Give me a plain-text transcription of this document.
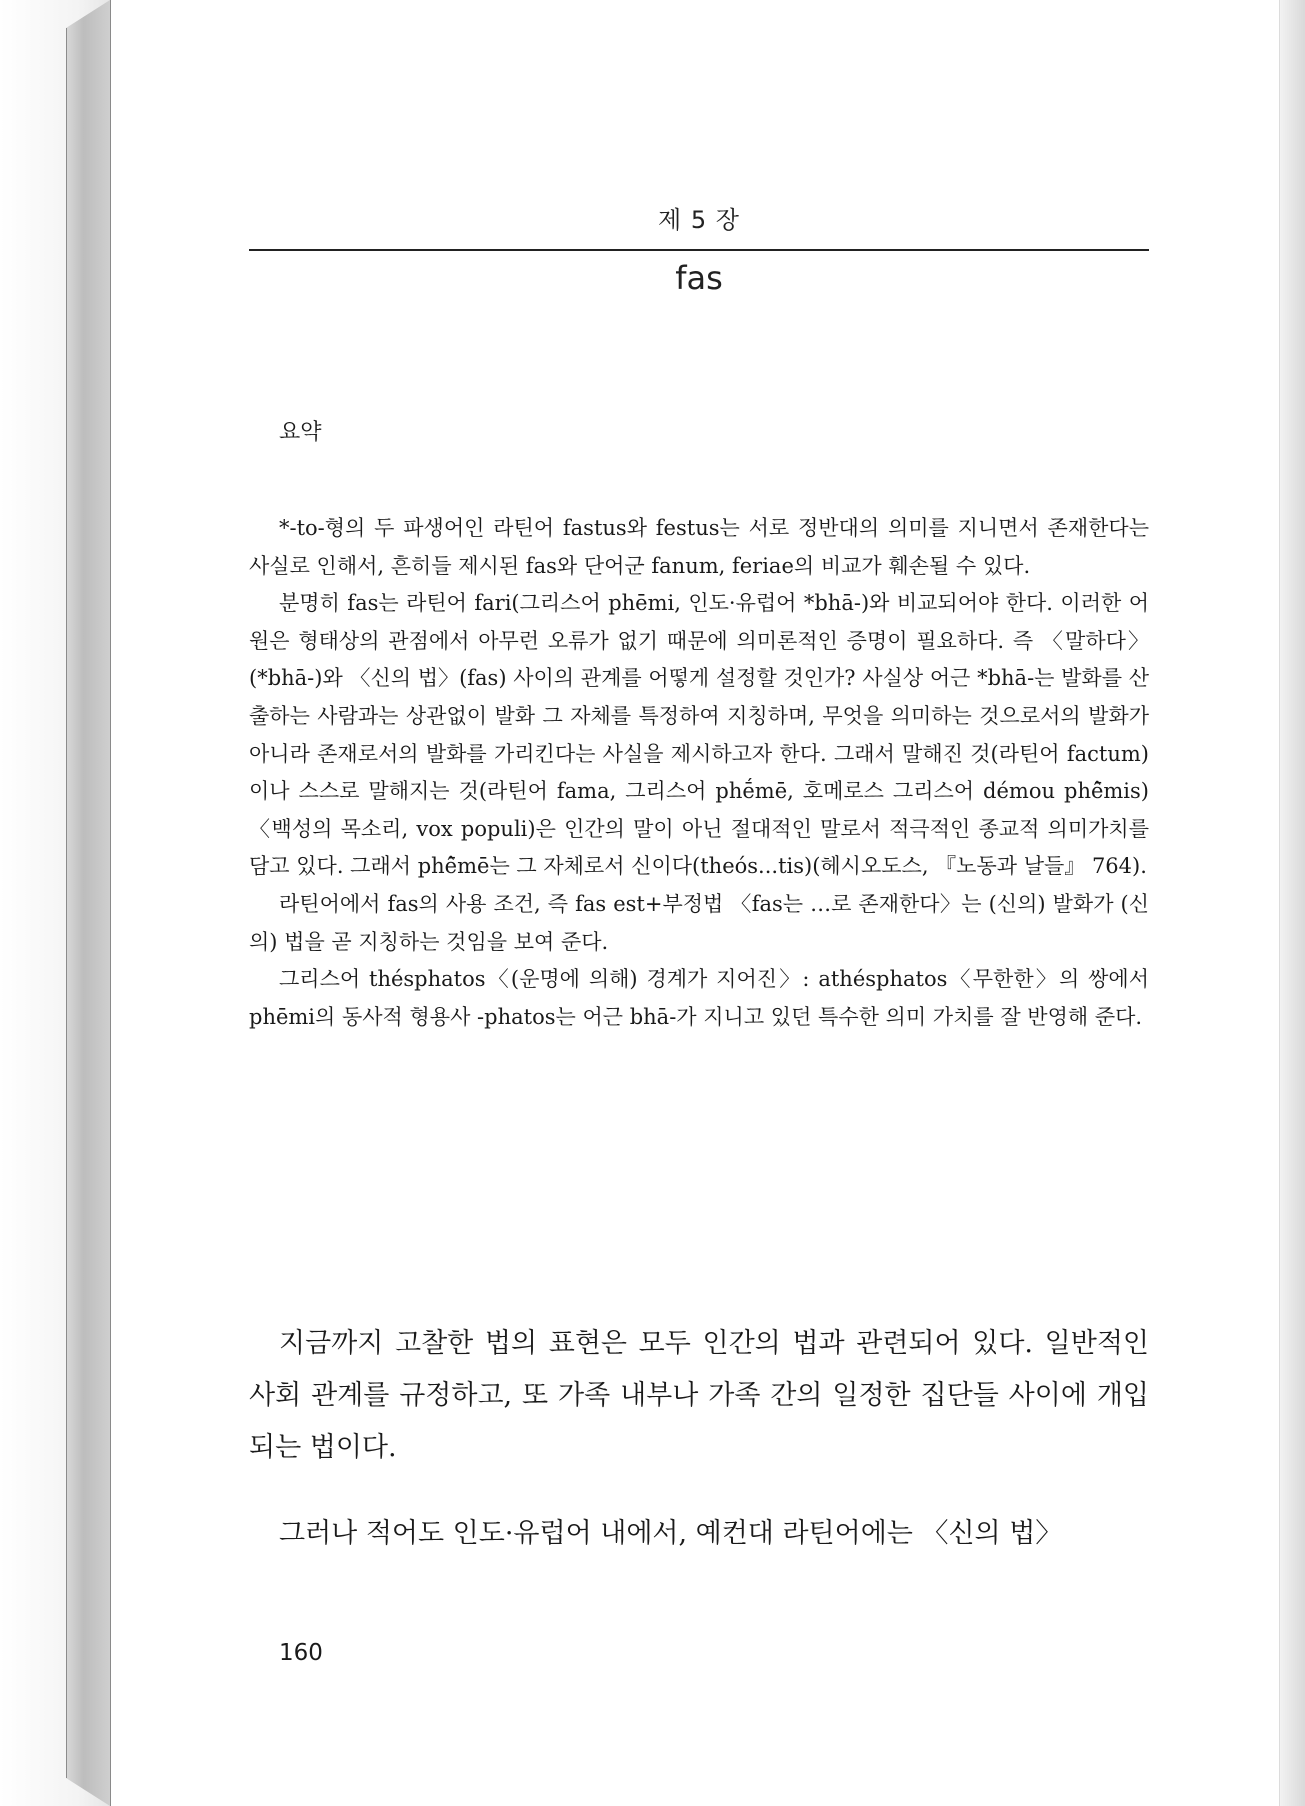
제 5 장
fas
요약

*-to-형의 두 파생어인 라틴어 fastus와 festus는 서로 정반대의 의미를 지니면서 존재한다는 사실로 인해서, 흔히들 제시된 fas와 단어군 fanum, feriae의 비교가 훼손될 수 있다.

분명히 fas는 라틴어 fari(그리스어 phēmi, 인도·유럽어 *bhā-)와 비교되어야 한다. 이러한 어원은 형태상의 관점에서 아무런 오류가 없기 때문에 의미론적인 증명이 필요하다. 즉 〈말하다〉(*bhā-)와 〈신의 법〉(fas) 사이의 관계를 어떻게 설정할 것인가? 사실상 어근 *bhā-는 발화를 산출하는 사람과는 상관없이 발화 그 자체를 특정하여 지칭하며, 무엇을 의미하는 것으로서의 발화가 아니라 존재로서의 발화를 가리킨다는 사실을 제시하고자 한다. 그래서 말해진 것(라틴어 factum)이나 스스로 말해지는 것(라틴어 fama, 그리스어 phḗmē, 호메로스 그리스어 démou phê̄mis)〈백성의 목소리, vox populi)은 인간의 말이 아닌 절대적인 말로서 적극적인 종교적 의미가치를 담고 있다. 그래서 phê̄mē는 그 자체로서 신이다(theós...tis)(헤시오도스, 『노동과 날들』 764).

라틴어에서 fas의 사용 조건, 즉 fas est+부정법 〈fas는 …로 존재한다〉는 (신의) 발화가 (신의) 법을 곧 지칭하는 것임을 보여 준다.

그리스어 thésphatos〈(운명에 의해) 경계가 지어진〉: athésphatos〈무한한〉의 쌍에서 phēmi의 동사적 형용사 -phatos는 어근 bhā-가 지니고 있던 특수한 의미 가치를 잘 반영해 준다.

지금까지 고찰한 법의 표현은 모두 인간의 법과 관련되어 있다. 일반적인 사회 관계를 규정하고, 또 가족 내부나 가족 간의 일정한 집단들 사이에 개입되는 법이다.

그러나 적어도 인도·유럽어 내에서, 예컨대 라틴어에는 〈신의 법〉

160
